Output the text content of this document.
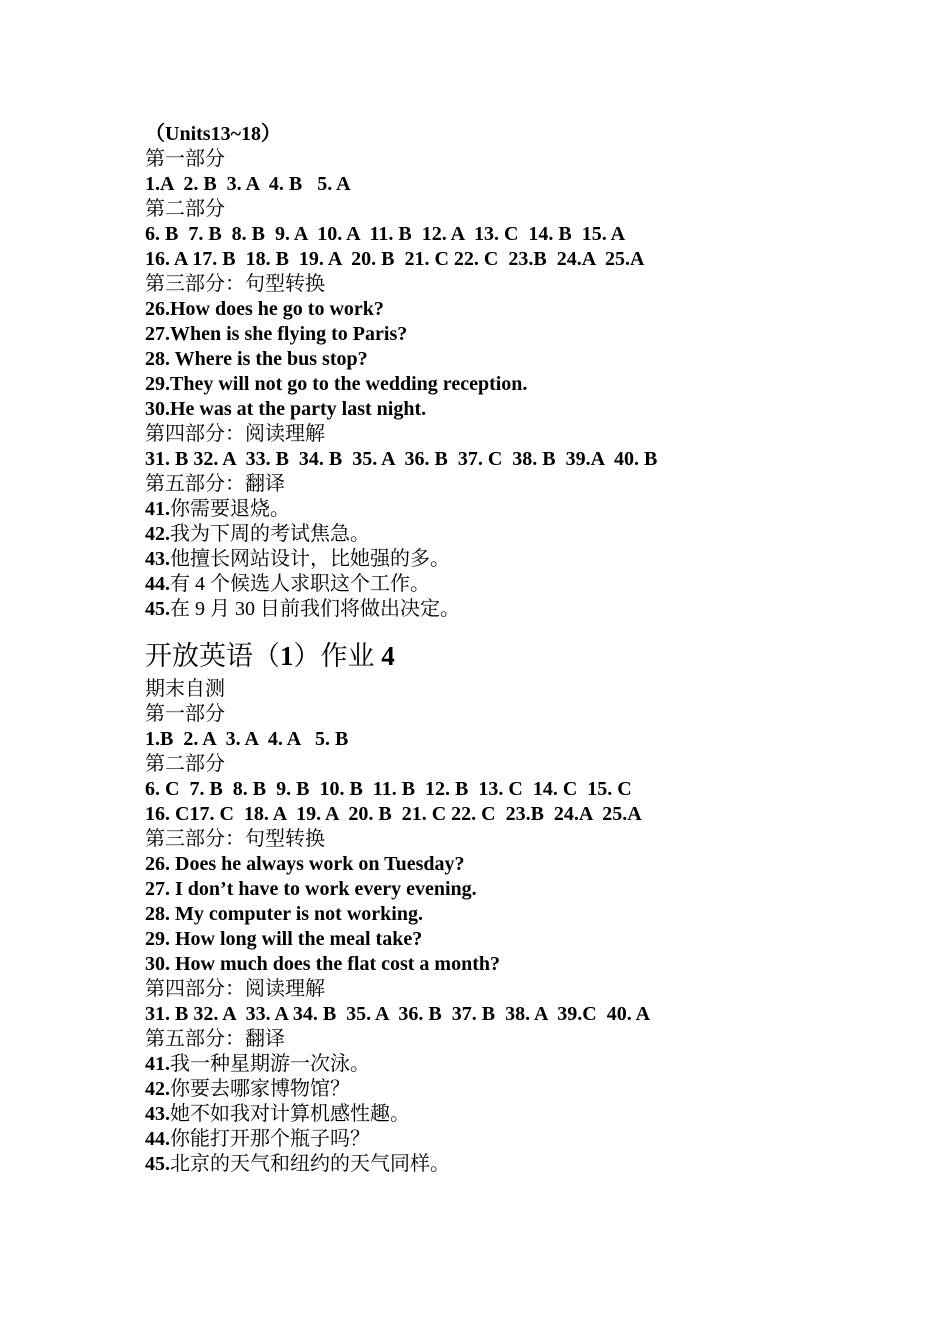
（Units13~18）
第一部分
1.A  2. B  3. A  4. B   5. A
第二部分
6. B  7. B  8. B  9. A  10. A  11. B  12. A  13. C  14. B  15. A
16. A 17. B  18. B  19. A  20. B  21. C 22. C  23.B  24.A  25.A
第三部分：句型转换
26.How does he go to work?
27.When is she flying to Paris?
28. Where is the bus stop?
29.They will not go to the wedding reception.
30.He was at the party last night.
第四部分：阅读理解
31. B 32. A  33. B  34. B  35. A  36. B  37. C  38. B  39.A  40. B
第五部分：翻译
41.你需要退烧。
42.我为下周的考试焦急。
43.他擅长网站设计，比她强的多。
44.有 4 个候选人求职这个工作。
45.在 9 月 30 日前我们将做出决定。
开放英语（1）作业 4
期末自测
第一部分
1.B  2. A  3. A  4. A   5. B
第二部分
6. C  7. B  8. B  9. B  10. B  11. B  12. B  13. C  14. C  15. C
16. C17. C  18. A  19. A  20. B  21. C 22. C  23.B  24.A  25.A
第三部分：句型转换
26. Does he always work on Tuesday?
27. I don’t have to work every evening.
28. My computer is not working.
29. How long will the meal take?
30. How much does the flat cost a month?
第四部分：阅读理解
31. B 32. A  33. A 34. B  35. A  36. B  37. B  38. A  39.C  40. A
第五部分：翻译
41.我一种星期游一次泳。
42.你要去哪家博物馆？
43.她不如我对计算机感性趣。
44.你能打开那个瓶子吗？
45.北京的天气和纽约的天气同样。
